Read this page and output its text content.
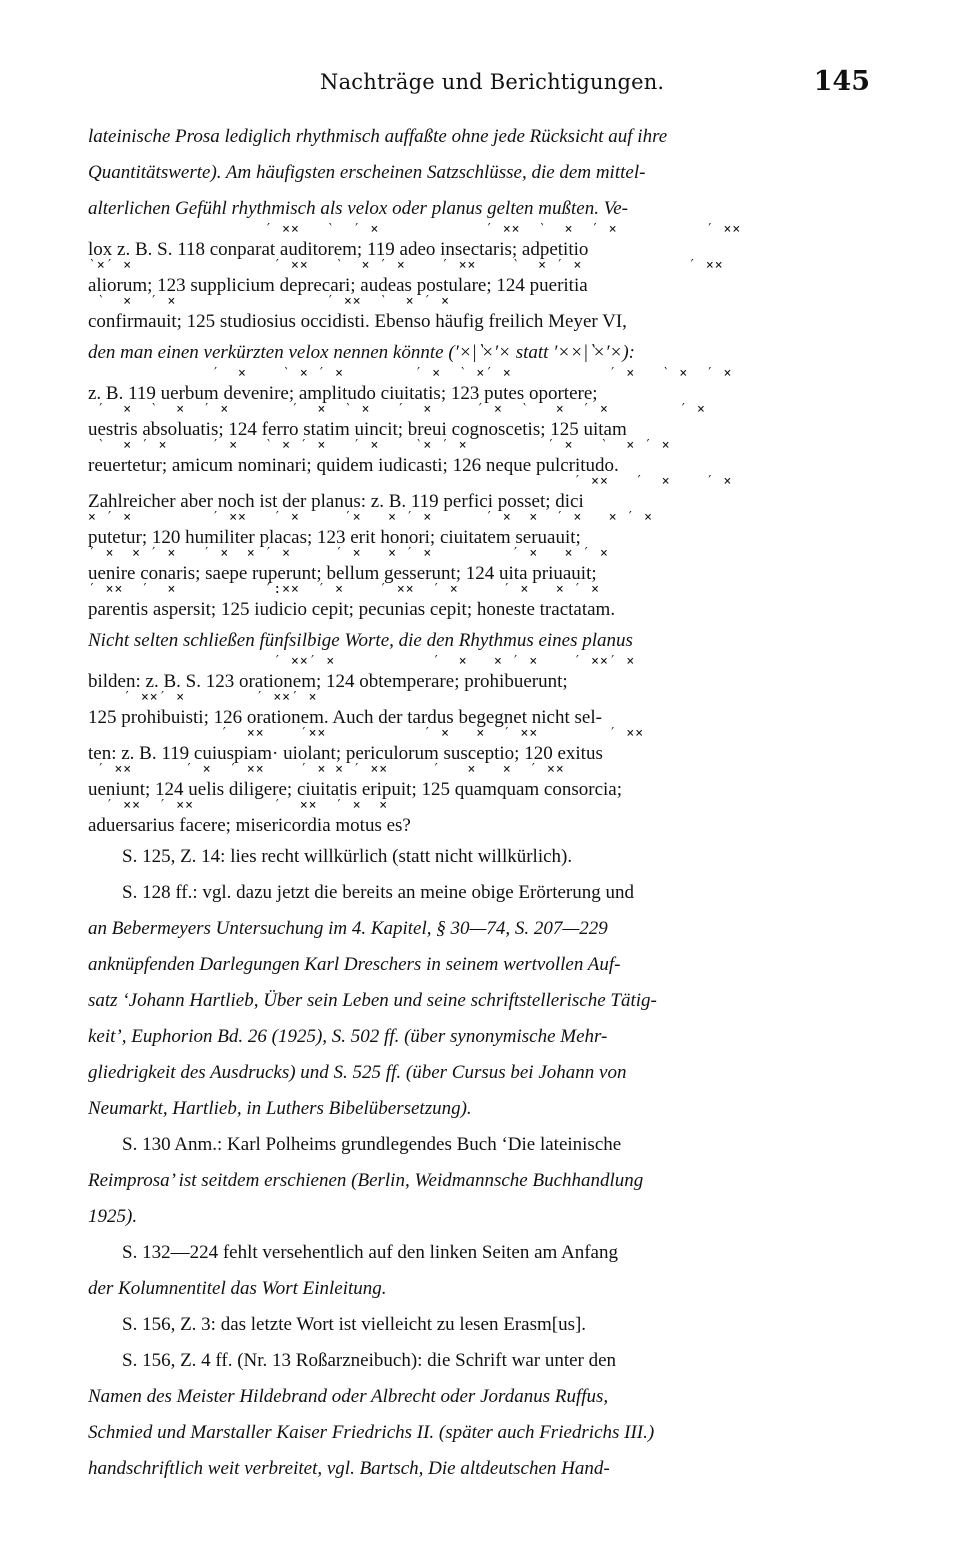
Nachträge und Berichtigungen.	145
lateinische Prosa lediglich rhythmisch auffaßte ohne jede Rücksicht auf ihre
Quantitätswerte). Am häufigsten erscheinen Satzschlüsse, die dem mittel-
alterlichen Gefühl rhythmisch als velox oder planus gelten mußten. Ve-
′ ××   ‵  ′ ×            ′ ××  ‵  ×  ′ ×          ′ ××
lox z. B. S. 118 conparat auditorem; 119 adeo insectaris; adpetitio
‵×′ ×                ′ ××   ‵  × ′ ×    ′ ××    ‵  × ′ ×            ′ ××
aliorum; 123 supplicium deprecari; audeas postulare; 124 pueritia
‵  ×  ′ ×                 ′ ××  ‵  × ′ ×
confirmauit; 125 studiosius occidisti. Ebenso häufig freilich Meyer VI,
den man einen verkürzten velox nennen könnte (′×|‵×′× statt ′××|‵×′×):
′  ×    ‵ × ′ ×        ′ ×  ‵ ×′ ×           ′ ×   ‵ ×  ′ ×
z. B. 119 uerbum devenire; amplitudo ciuitatis; 123 putes oportere;
′  ×  ‵  ×  ′ ×       ′  ×  ‵ ×   ′  ×     ′ ×  ‵   ×  ′ ×        ′ ×
uestris absoluatis; 124 ferro statim uincit; breui cognoscetis; 125 uitam
‵  × ′ ×     ′ ×   ‵ × ′ ×   ′ ×    ‵× ′ ×         ′ ×   ‵  × ′ ×
reuertetur; amicum nominari; quidem iudicasti; 126 neque pulcritudo.
′ ××   ′  ×    ′ ×
Zahlreicher aber noch ist der planus: z. B. 119 perfici posset; dici
× ′ ×         ′ ××   ′ ×     ′×   × ′ ×      ′ ×  ×  ′ ×   × ′ ×
putetur; 120 humiliter placas; 123 erit honori; ciuitatem seruauit;
′ ×  × ′ ×   ′ ×  × ′ ×     ′ ×   × ′ ×         ′ ×   × ′ ×
uenire conaris; saepe ruperunt; bellum gesserunt; 124 uita priuauit;
′ ××  ′  ×          ′:××  ′ ×    ′ ××  ′ ×     ′ ×   × ′ ×
parentis aspersit; 125 iudicio cepit; pecunias cepit; honeste tractatam.
Nicht selten schließen fünfsilbige Worte, die den Rhythmus eines planus
′ ××′ ×           ′  ×   × ′ ×    ′ ××′ ×
bilden: z. B. S. 123 orationem; 124 obtemperare; prohibuerunt;
′ ××′ ×        ′ ××′ ×
125 prohibuisti; 126 orationem. Auch der tardus begegnet nicht sel-
′  ××    ′××           ′ ×   ×  ′ ××        ′ ××
ten: z. B. 119 cuiuspiam· uiolant; periculorum susceptio; 120 exitus
′ ××      ′ ×  ′ ××    ′ × × ′ ××     ′   ×   ×  ′ ××
ueniunt; 124 uelis diligere; ciuitatis eripuit; 125 quamquam consorcia;
′ ××  ′ ××         ′  ××  ′ ×  ×
aduersarius facere; misericordia motus es?
S. 125, Z. 14: lies recht willkürlich (statt nicht willkürlich).
S. 128 ff.: vgl. dazu jetzt die bereits an meine obige Erörterung und
an Bebermeyers Untersuchung im 4. Kapitel, § 30—74, S. 207—229
anknüpfenden Darlegungen Karl Dreschers in seinem wertvollen Auf-
satz ‘Johann Hartlieb, Über sein Leben und seine schriftstellerische Tätig-
keit’, Euphorion Bd. 26 (1925), S. 502 ff. (über synonymische Mehr-
gliedrigkeit des Ausdrucks) und S. 525 ff. (über Cursus bei Johann von
Neumarkt, Hartlieb, in Luthers Bibelübersetzung).
S. 130 Anm.: Karl Polheims grundlegendes Buch ‘Die lateinische
Reimprosa’ ist seitdem erschienen (Berlin, Weidmannsche Buchhandlung
1925).
S. 132—224 fehlt versehentlich auf den linken Seiten am Anfang
der Kolumnentitel das Wort Einleitung.
S. 156, Z. 3: das letzte Wort ist vielleicht zu lesen Erasm[us].
S. 156, Z. 4 ff. (Nr. 13 Roßarzneibuch): die Schrift war unter den
Namen des Meister Hildebrand oder Albrecht oder Jordanus Ruffus,
Schmied und Marstaller Kaiser Friedrichs II. (später auch Friedrichs III.)
handschriftlich weit verbreitet, vgl. Bartsch, Die altdeutschen Hand-
